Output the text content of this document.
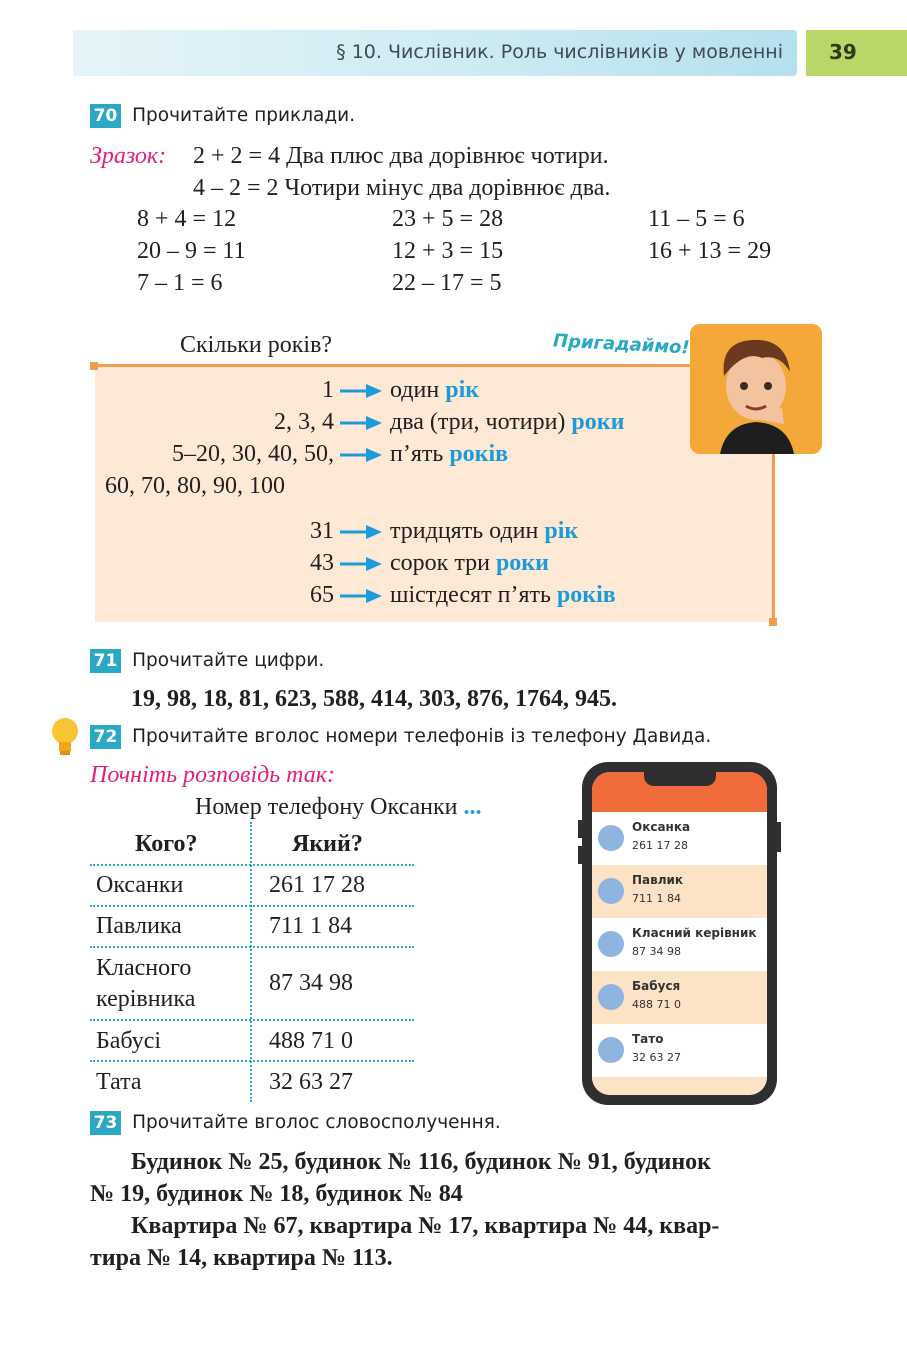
§ 10. Числівник. Роль числівників у мовленні 39
70 Прочитайте приклади.
Зразок: 2 + 2 = 4 Два плюс два дорівнює чотири.
4 – 2 = 2 Чотири мінус два дорівнює два.
8 + 4 = 12	23 + 5 = 28	11 – 5 = 6
20 – 9 = 11	12 + 3 = 15	16 + 13 = 29
7 – 1 = 6	22 – 17 = 5
Скільки років?	Пригадаймо!
1 один рік
2, 3, 4 два (три, чотири) роки
5–20, 30, 40, 50, п’ять років
60, 70, 80, 90, 100
31 тридцять один рік
43 сорок три роки
65 шістдесят п’ять років
71 Прочитайте цифри.
19, 98, 18, 81, 623, 588, 414, 303, 876, 1764, 945.
72 Прочитайте вголос номери телефонів із телефону Давида.
Почніть розповідь так:
Номер телефону Оксанки ...
Кого?	Який?
Оксанки	261 17 28
Павлика	711 1 84
Класного
керівника
87 34 98
Бабусі	488 71 0
Тата	32 63 27
Оксанка
261 17 28
Павлик
711 1 84
Класний керівник
87 34 98
Бабуся
488 71 0
Тато
32 63 27
73 Прочитайте вголос словосполучення.
Будинок № 25, будинок № 116, будинок № 91, будинок
№ 19, будинок № 18, будинок № 84
Квартира № 67, квартира № 17, квартира № 44, квар-
тира № 14, квартира № 113.
